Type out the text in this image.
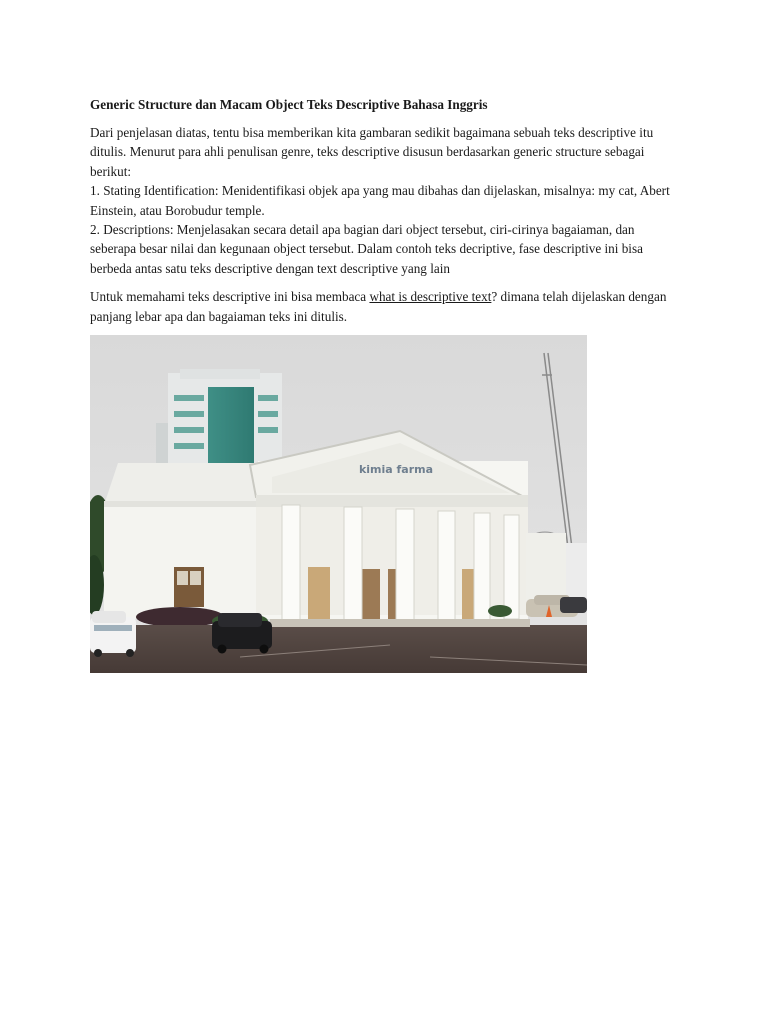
Generic Structure dan Macam Object Teks Descriptive Bahasa Inggris
Dari penjelasan diatas, tentu bisa memberikan kita gambaran sedikit bagaimana sebuah teks descriptive itu
ditulis. Menurut para ahli penulisan genre, teks descriptive disusun berdasarkan generic structure sebagai
berikut:
1. Stating Identification: Menidentifikasi objek apa yang mau dibahas dan dijelaskan, misalnya: my cat, Abert
Einstein, atau Borobudur temple.
2. Descriptions: Menjelasakan secara detail apa bagian dari object tersebut, ciri-cirinya bagaiaman, dan
seberapa besar nilai dan kegunaan object tersebut. Dalam contoh teks decriptive, fase descriptive ini bisa
berbeda antas satu teks descriptive dengan text descriptive yang lain
Untuk memahami teks descriptive ini bisa membaca what is descriptive text? dimana telah dijelaskan dengan
panjang lebar apa dan bagaiaman teks ini ditulis.
kimia farma
